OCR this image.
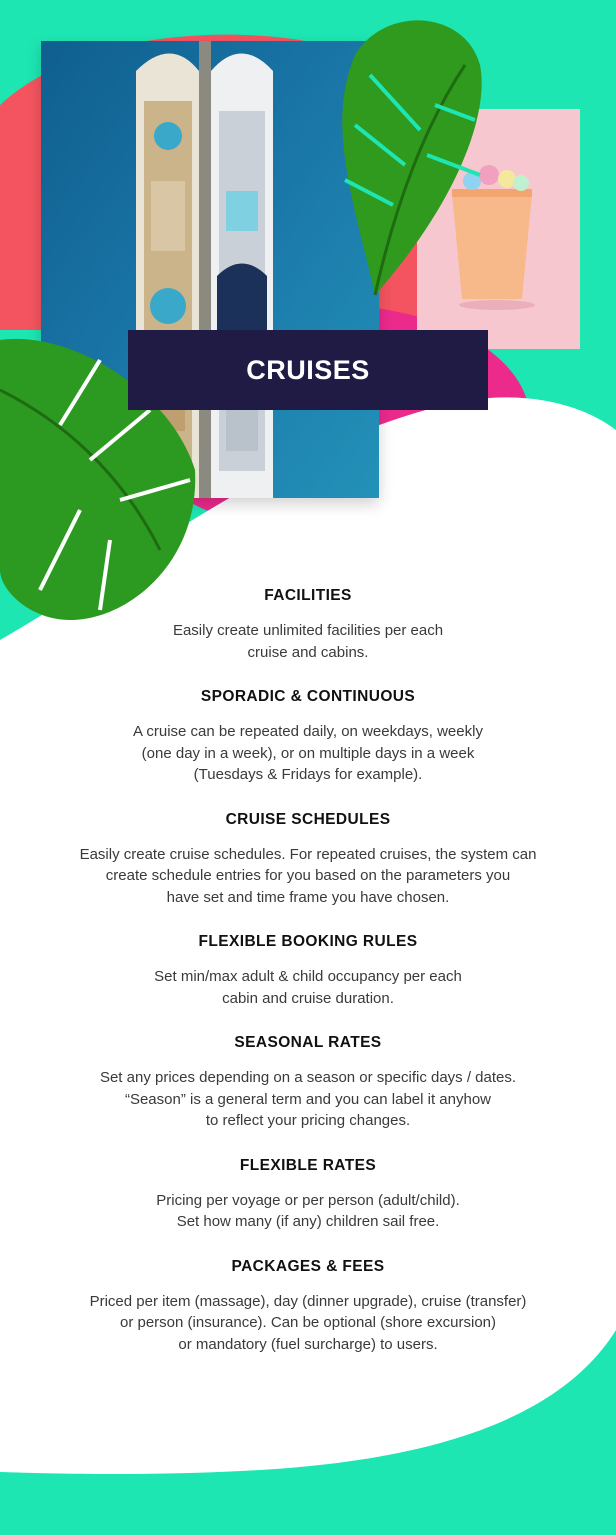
CRUISES
FACILITIES

Easily create unlimited facilities per each
cruise and cabins.

SPORADIC & CONTINUOUS

A cruise can be repeated daily, on weekdays, weekly
(one day in a week), or on multiple days in a week
(Tuesdays & Fridays for example).

CRUISE SCHEDULES

Easily create cruise schedules. For repeated cruises, the system can
create schedule entries for you based on the parameters you
have set and time frame you have chosen.

FLEXIBLE BOOKING RULES

Set min/max adult & child occupancy per each
cabin and cruise duration.

SEASONAL RATES

Set any prices depending on a season or specific days / dates.
“Season” is a general term and you can label it anyhow
to reflect your pricing changes.

FLEXIBLE RATES

Pricing per voyage or per person (adult/child).
Set how many (if any) children sail free.

PACKAGES & FEES

Priced per item (massage), day (dinner upgrade), cruise (transfer)
or person (insurance). Can be optional (shore excursion)
or mandatory (fuel surcharge) to users.
